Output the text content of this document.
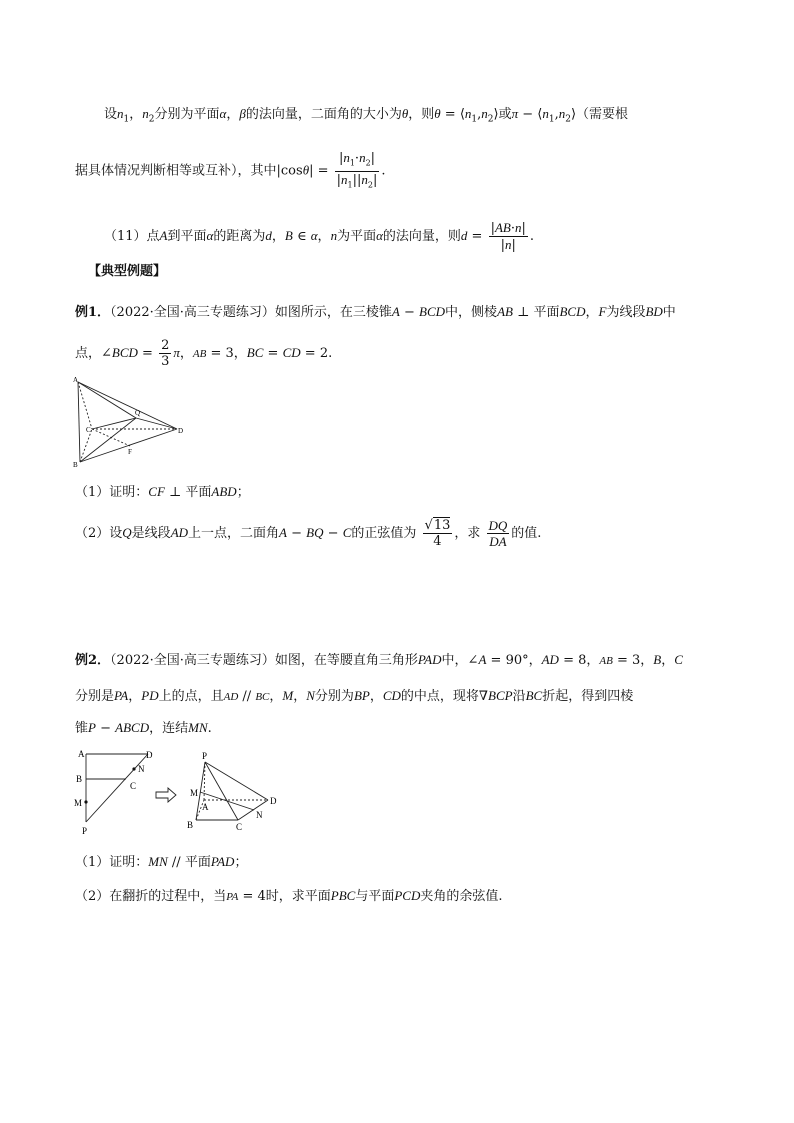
设$n_1$，$n_2$分别为平面α，β的法向量，二面角的大小为θ，则$\theta = ⟨n_1,n_2⟩$或$\pi - ⟨n_1,n_2⟩$（需要根
据具体情况判断相等或互补），其中$|\cos\theta| = \frac{|n_1\cdot n_2|}{|n_1||n_2|}$ .
（11）点A到平面α的距离为d，B ∈ α，n为平面α的法向量，则$d = \frac{|AB\cdot n|}{|n|}$ .
【典型例题】
例1．（2022·全国·高三专题练习）如图所示，在三棱锥A − BCD中，侧棱AB ⊥ 平面BCD，F为线段BD中
点，∠BCD = $\frac{2}{3}$ π，AB = 3，BC = CD = 2.
A
B
C	D
Q
F
（1）证明：CF ⊥ 平面ABD；
（2）设Q是线段AD上一点，二面角A − BQ − C的正弦值为 $\frac{√13}{4}$ ，求 $\frac{DQ}{DA}$ 的值.
例2．（2022·全国·高三专题练习）如图，在等腰直角三角形PAD中，∠A = 90°，AD = 8，AB = 3，B，C
分别是PA，PD上的点，且AD // BC，M，N分别为BP，CD的中点，现将∇BCP沿BC折起，得到四棱
锥P − ABCD，连结MN.
A	D
B
C
N
M
P
P
M
A
B	C
D
N
（1）证明：MN // 平面PAD；
（2）在翻折的过程中，当PA = 4时，求平面PBC与平面PCD夹角的余弦值.
